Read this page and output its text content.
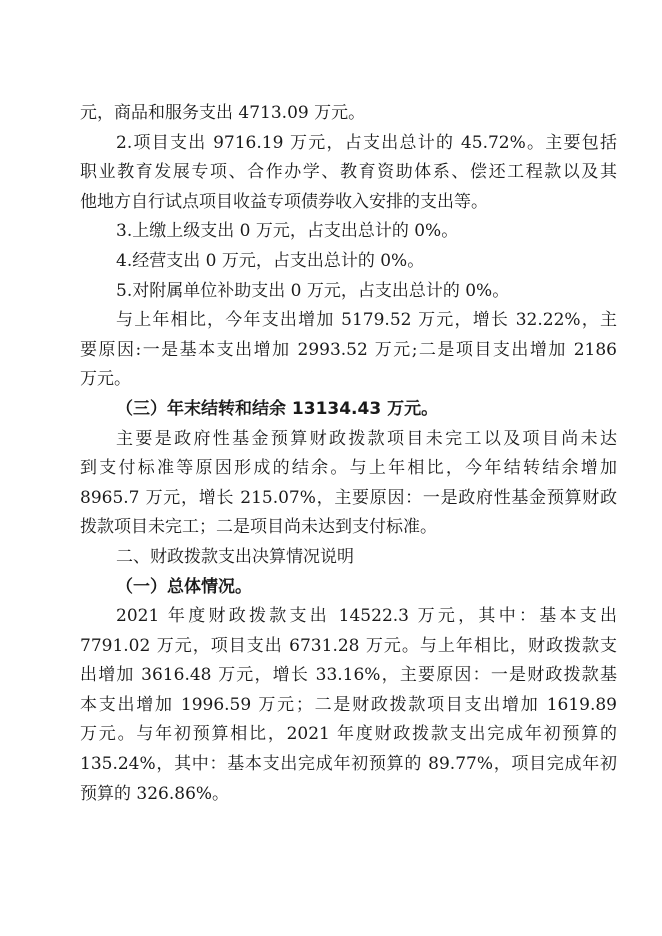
元，商品和服务支出 4713.09 万元。
2.项目支出 9716.19 万元，占支出总计的 45.72%。主要包括
职业教育发展专项、合作办学、教育资助体系、偿还工程款以及其
他地方自行试点项目收益专项债券收入安排的支出等。
3.上缴上级支出 0 万元，占支出总计的 0%。
4.经营支出 0 万元，占支出总计的 0%。
5.对附属单位补助支出 0 万元，占支出总计的 0%。
与上年相比，今年支出增加 5179.52 万元，增长 32.22%，主
要原因:一是基本支出增加 2993.52 万元;二是项目支出增加 2186
万元。
（三）年末结转和结余 13134.43 万元。
主要是政府性基金预算财政拨款项目未完工以及项目尚未达
到支付标准等原因形成的结余。与上年相比，今年结转结余增加
8965.7 万元，增长 215.07%，主要原因：一是政府性基金预算财政
拨款项目未完工；二是项目尚未达到支付标准。
二、财政拨款支出决算情况说明
（一）总体情况。
2021 年度财政拨款支出 14522.3 万元，其中：基本支出
7791.02 万元，项目支出 6731.28 万元。与上年相比，财政拨款支
出增加 3616.48 万元，增长 33.16%，主要原因：一是财政拨款基
本支出增加 1996.59 万元；二是财政拨款项目支出增加 1619.89
万元。与年初预算相比，2021 年度财政拨款支出完成年初预算的
135.24%，其中：基本支出完成年初预算的 89.77%，项目完成年初
预算的 326.86%。
